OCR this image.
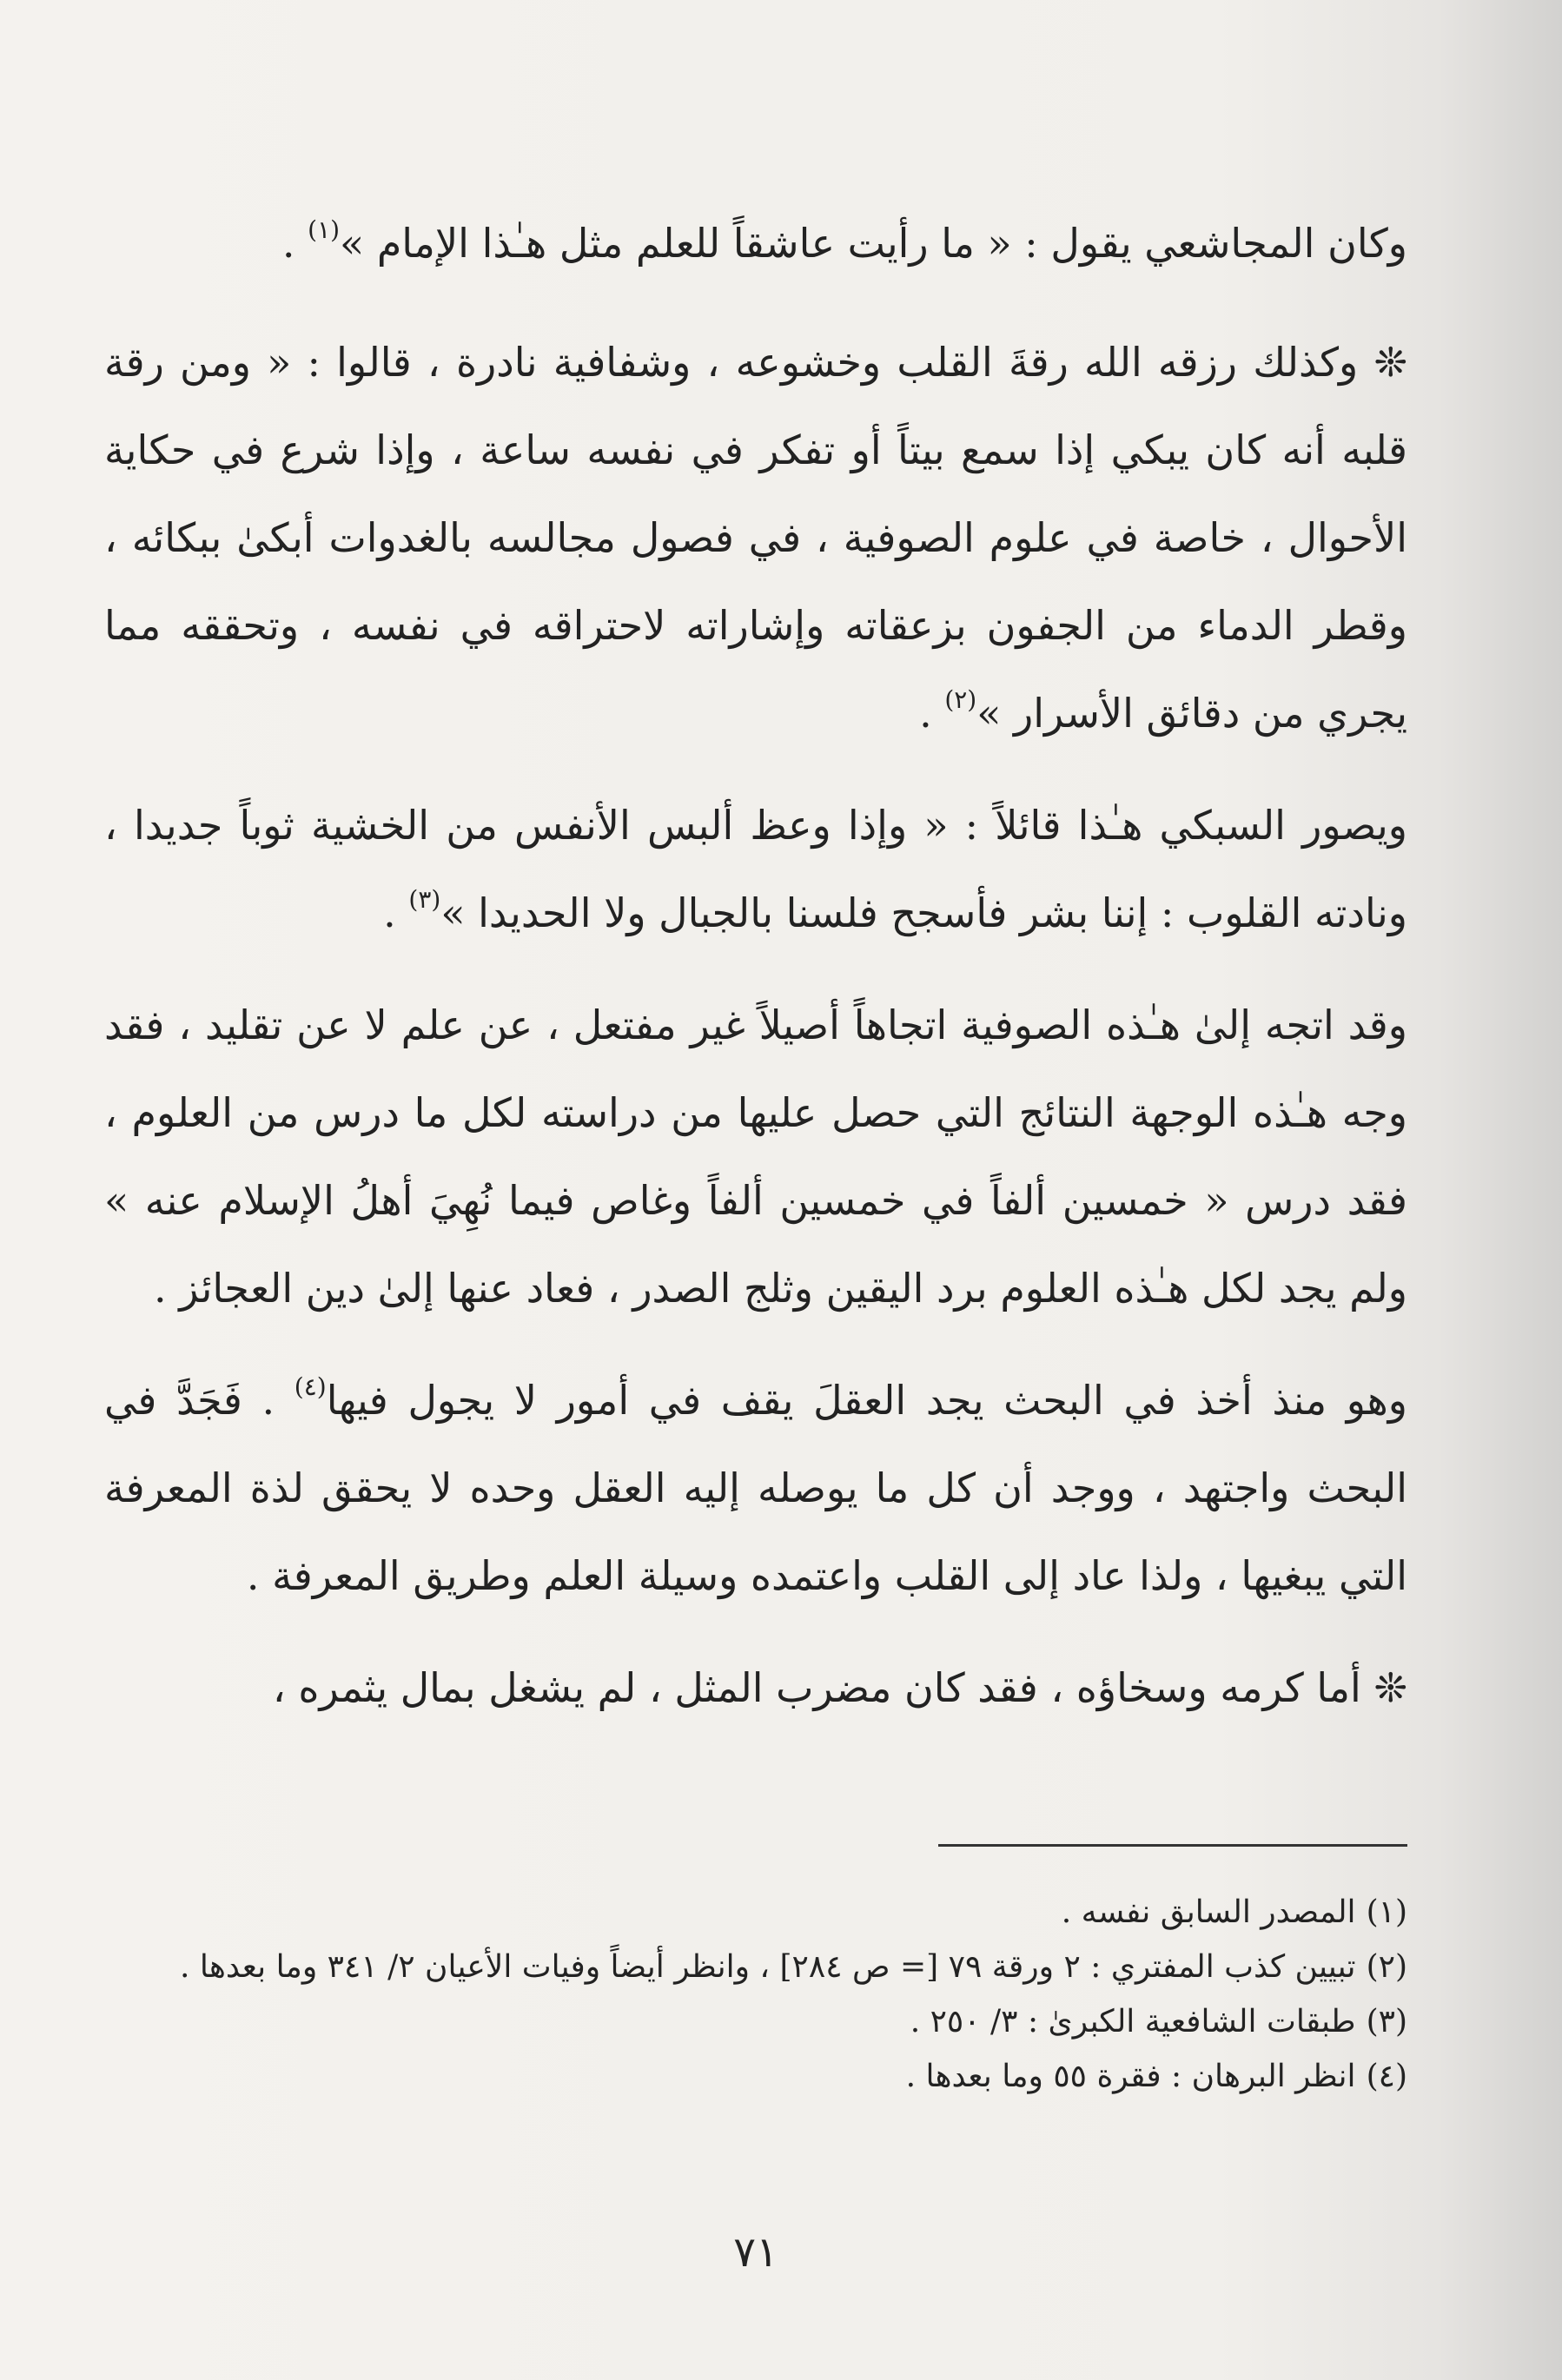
وكان المجاشعي يقول : « ما رأيت عاشقاً للعلم مثل هـٰذا الإمام »$^{(١)}$ .

❊ وكذلك رزقه الله رقةَ القلب وخشوعه ، وشفافية نادرة ، قالوا : « ومن رقة قلبه أنه كان يبكي إذا سمع بيتاً أو تفكر في نفسه ساعة ، وإذا شرع في حكاية الأحوال ، خاصة في علوم الصوفية ، في فصول مجالسه بالغدوات أبكىٰ ببكائه ، وقطر الدماء من الجفون بزعقاته وإشاراته لاحتراقه في نفسه ، وتحققه مما يجري من دقائق الأسرار »$^{(٢)}$ .

ويصور السبكي هـٰذا قائلاً : « وإذا وعظ ألبس الأنفس من الخشية ثوباً جديدا ، ونادته القلوب : إننا بشر فأسجح فلسنا بالجبال ولا الحديدا »$^{(٣)}$ .

وقد اتجه إلىٰ هـٰذه الصوفية اتجاهاً أصيلاً غير مفتعل ، عن علم لا عن تقليد ، فقد وجه هـٰذه الوجهة النتائج التي حصل عليها من دراسته لكل ما درس من العلوم ، فقد درس « خمسين ألفاً في خمسين ألفاً وغاص فيما نُهِيَ أهلُ الإسلام عنه » ولم يجد لكل هـٰذه العلوم برد اليقين وثلج الصدر ، فعاد عنها إلىٰ دين العجائز .

وهو منذ أخذ في البحث يجد العقلَ يقف في أمور لا يجول فيها$^{(٤)}$ . فَجَدَّ في البحث واجتهد ، ووجد أن كل ما يوصله إليه العقل وحده لا يحقق لذة المعرفة التي يبغيها ، ولذا عاد إلى القلب واعتمده وسيلة العلم وطريق المعرفة .

❊ أما كرمه وسخاؤه ، فقد كان مضرب المثل ، لم يشغل بمال يثمره ،

(١)المصدر السابق نفسه .

(٢)تبيين كذب المفتري : ٢ ورقة ٧٩ [= ص ٢٨٤] ، وانظر أيضاً وفيات الأعيان ٢/ ٣٤١ وما بعدها .

(٣)طبقات الشافعية الكبرىٰ : ٣/ ٢٥٠ .

(٤)انظر البرهان : فقرة ٥٥ وما بعدها .

٧١
